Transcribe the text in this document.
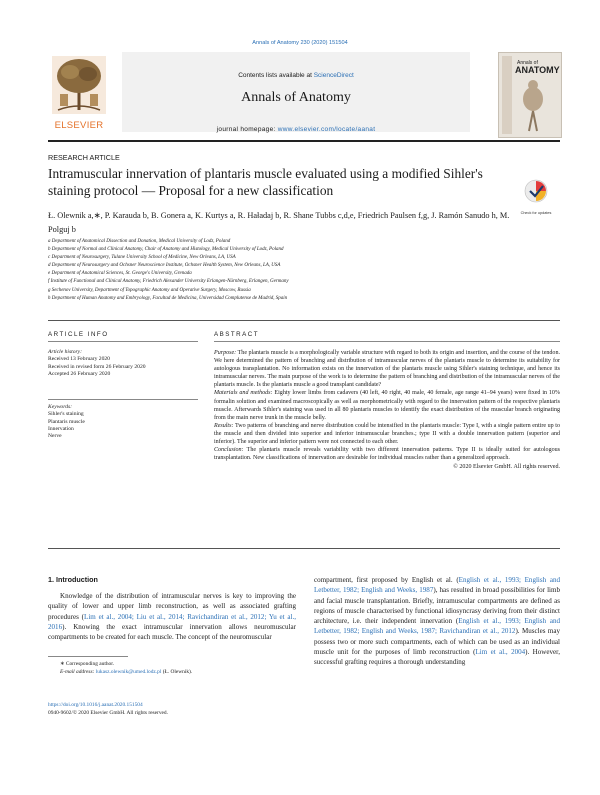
Annals of Anatomy 230 (2020) 151504
ELSEVIER
Contents lists available at ScienceDirect
Annals of Anatomy
journal homepage: www.elsevier.com/locate/aanat
Annals of
ANATOMY
RESEARCH ARTICLE
Intramuscular innervation of plantaris muscle evaluated using a modified Sihler's staining protocol — Proposal for a new classification
Check for updates
Ł. Olewnik a,∗, P. Karauda b, B. Gonera a, K. Kurtys a, R. Haładaj b, R. Shane Tubbs c,d,e, Friedrich Paulsen f,g, J. Ramón Sanudo h, M. Polguj b
a Department of Anatomical Dissection and Donation, Medical University of Lodz, Poland
b Department of Normal and Clinical Anatomy, Chair of Anatomy and Histology, Medical University of Lodz, Poland
c Department of Neurosurgery, Tulane University School of Medicine, New Orleans, LA, USA
d Department of Neurosurgery and Ochsner Neuroscience Institute, Ochsner Health System, New Orleans, LA, USA
e Department of Anatomical Sciences, St. George's University, Grenada
f Institute of Functional and Clinical Anatomy, Friedrich Alexander University Erlangen-Nürnberg, Erlangen, Germany
g Sechenov University, Department of Topographic Anatomy and Operative Surgery, Moscow, Russia
h Department of Human Anatomy and Embryology, Facultad de Medicina, Universidad Complutense de Madrid, Spain
ARTICLE INFO	ABSTRACT
Article history:
Received 13 February 2020
Received in revised form 26 February 2020
Accepted 26 February 2020
Keywords:
Sihler's staining
Plantaris muscle
Innervation
Nerve

Purpose: The plantaris muscle is a morphologically variable structure with regard to both its origin and insertion, and the course of the tendon. We here determined the pattern of branching and distribution of intramuscular nerves of the plantaris muscle to determine its suitability for autologous transplantation. No information exists on the innervation of the plantaris muscle using Sihler's staining technique, and hence its intramuscular nerves. The main purpose of the work is to determine the pattern of branching and distribution of the intramuscular nerves of the plantaris muscle. Is the plantaris muscle a good transplant candidate?

Materials and methods: Eighty lower limbs from cadavers (40 left, 40 right, 40 male, 40 female, age range 41–94 years) were fixed in 10% formalin solution and examined macroscopically as well as morphometrically with regard to the innervation pattern of the respective plantaris muscle. Afterwards Sihler's staining was used in all 80 plantaris muscles to identify the exact distribution of the muscular branch originating from the main nerve trunk in the muscle belly.

Results: Two patterns of branching and nerve distribution could be intensified in the plantaris muscle: Type I, with a single pattern entire up to the muscle and then divided into superior and inferior intramuscular branches.; type II with a double innervation pattern (superior and inferior). The superior and inferior pattern were not connected to each other.

Conclusion: The plantaris muscle reveals variability with two different innervation patterns. Type II is ideally suited for autologous transplantation. New classifications of innervation are desirable for individual muscles rather than a generalized approach.

© 2020 Elsevier GmbH. All rights reserved.

1. Introduction
Knowledge of the distribution of intramuscular nerves is key to improving the quality of lower and upper limb reconstruction, as well as associated grafting procedures (Lim et al., 2004; Liu et al., 2014; Ravichandiran et al., 2012; Yu et al., 2016). Knowing the exact intramuscular innervation allows neuromuscular compartments to be created for each muscle. The concept of the neuromuscular
compartment, first proposed by English et al. (English et al., 1993; English and Letbetter, 1982; English and Weeks, 1987), has resulted in broad possibilities for limb and facial muscle transplantation. Briefly, intramuscular compartments are defined as regions of muscle characterised by functional idiosyncrasy deriving from their distinct architecture, i.e. their independent innervation (English et al., 1993; English and Letbetter, 1982; English and Weeks, 1987; Ravichandiran et al., 2012). Muscles may possess two or more such compartments, each of which can be used as an individual muscle unit for the purposes of limb reconstruction (Lim et al., 2004). However, successful grafting requires a thorough understanding
∗ Corresponding author.
E-mail address: lukasz.olewnik@umed.lodz.pl (Ł. Olewnik).
https://doi.org/10.1016/j.aanat.2020.151504
0940-9602/© 2020 Elsevier GmbH. All rights reserved.
